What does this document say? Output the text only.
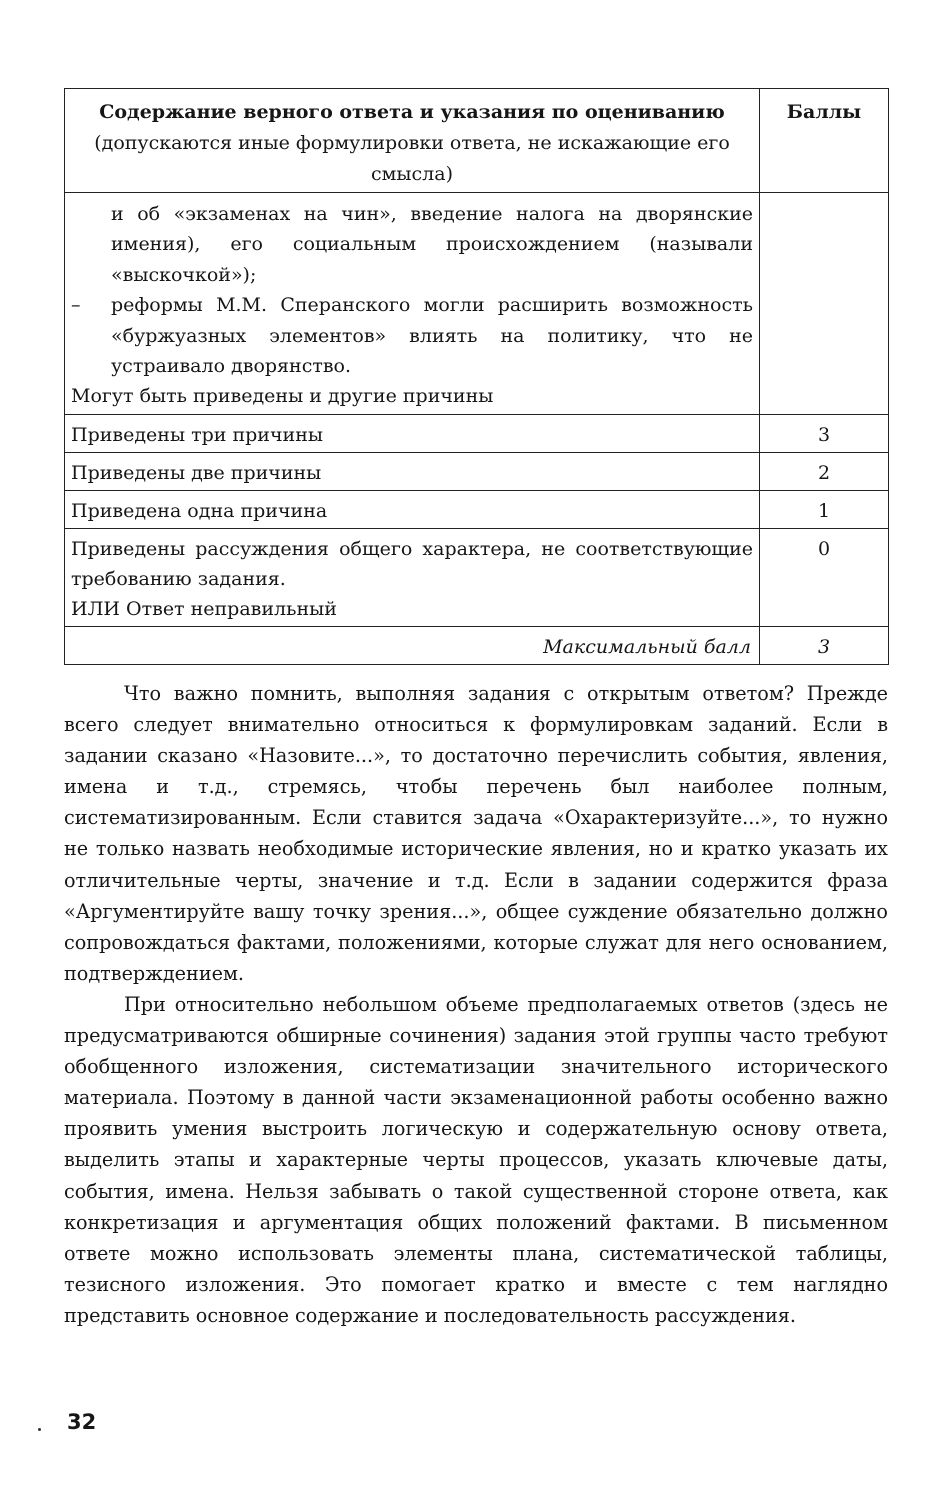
Содержание верного ответа и указания по оцениванию
(допускаются иные формулировки ответа, не искажающие его смысла)	Баллы

и об «экзаменах на чин», введение налога на дворянские имения), его социальным происхождением (называли «выскочкой»);
– реформы М.М. Сперанского могли расширить возможность «буржуазных элементов» влиять на политику, что не устраивало дворянство.
Могут быть приведены и другие причины	

Приведены три причины	3
Приведены две причины	2
Приведена одна причина	1

Приведены рассуждения общего характера, не соответствующие требованию задания.
ИЛИ Ответ неправильный	0
Максимальный балл	3

Что важно помнить, выполняя задания с открытым ответом? Прежде всего следует внимательно относиться к формулировкам заданий. Если в задании сказано «Назовите...», то достаточно перечислить события, явления, имена и т.д., стремясь, чтобы перечень был наиболее полным, систематизированным. Если ставится задача «Охарактеризуйте...», то нужно не только назвать необходимые исторические явления, но и кратко указать их отличительные черты, значение и т.д. Если в задании содержится фраза «Аргументируйте вашу точку зрения...», общее суждение обязательно должно сопровождаться фактами, положениями, которые служат для него основанием, подтверждением.

При относительно небольшом объеме предполагаемых ответов (здесь не предусматриваются обширные сочинения) задания этой группы часто требуют обобщенного изложения, систематизации значительного исторического материала. Поэтому в данной части экзаменационной работы особенно важно проявить умения выстроить логическую и содержательную основу ответа, выделить этапы и характерные черты процессов, указать ключевые даты, события, имена. Нельзя забывать о такой существенной стороне ответа, как конкретизация и аргументация общих положений фактами. В письменном ответе можно использовать элементы плана, систематической таблицы, тезисного изложения. Это помогает кратко и вместе с тем наглядно представить основное содержание и последовательность рассуждения.

32
